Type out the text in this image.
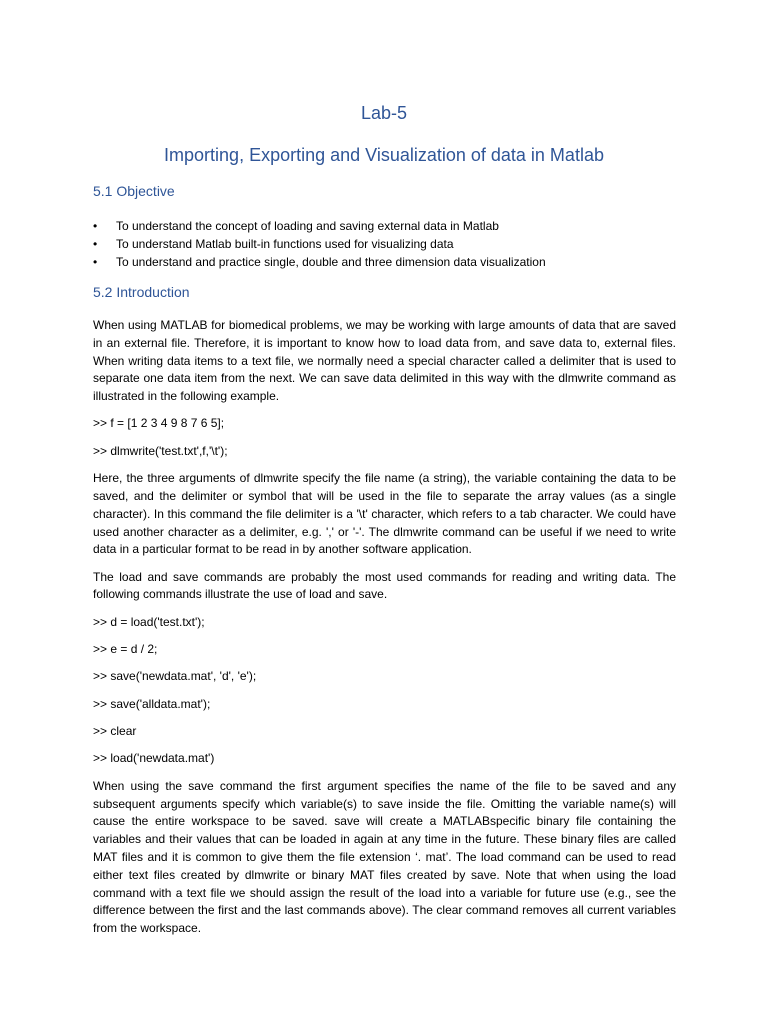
Lab-5
Importing, Exporting and Visualization of data in Matlab
5.1 Objective
•	To understand the concept of loading and saving external data in Matlab
•	To understand Matlab built-in functions used for visualizing data
•	To understand and practice single, double and three dimension data visualization
5.2 Introduction

When using MATLAB for biomedical problems, we may be working with large amounts of data that are saved in an external file. Therefore, it is important to know how to load data from, and save data to, external files. When writing data items to a text file, we normally need a special character called a delimiter that is used to separate one data item from the next. We can save data delimited in this way with the dlmwrite command as illustrated in the following example.

>> f = [1 2 3 4 9 8 7 6 5];

>> dlmwrite('test.txt',f,'\t');

Here, the three arguments of dlmwrite specify the file name (a string), the variable containing the data to be saved, and the delimiter or symbol that will be used in the file to separate the array values (as a single character). In this command the file delimiter is a '\t' character, which refers to a tab character. We could have used another character as a delimiter, e.g. ',' or '-'. The dlmwrite command can be useful if we need to write data in a particular format to be read in by another software application.

The load and save commands are probably the most used commands for reading and writing data. The following commands illustrate the use of load and save.

>> d = load('test.txt');

>> e = d / 2;

>> save('newdata.mat', 'd', 'e');

>> save('alldata.mat');

>> clear

>> load('newdata.mat')

When using the save command the first argument specifies the name of the file to be saved and any subsequent arguments specify which variable(s) to save inside the file. Omitting the variable name(s) will cause the entire workspace to be saved. save will create a MATLABspecific binary file containing the variables and their values that can be loaded in again at any time in the future. These binary files are called MAT files and it is common to give them the file extension ‘. mat’. The load command can be used to read either text files created by dlmwrite or binary MAT files created by save. Note that when using the load command with a text file we should assign the result of the load into a variable for future use (e.g., see the difference between the first and the last commands above). The clear command removes all current variables from the workspace.
